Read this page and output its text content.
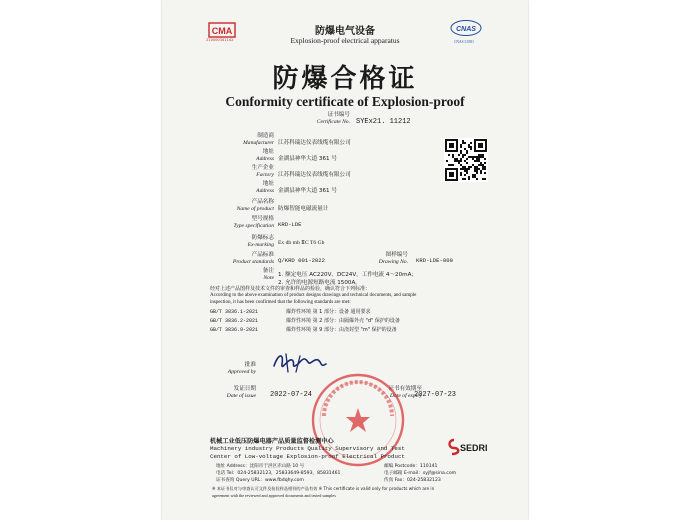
CMA
210000341142
防爆电气设备
Explosion-proof electrical apparatus
CNAS
CNAS L3581
防爆合格证
Conformity certificate of Explosion-proof
证书编号
Certificate No. SYEx21. 11212
制造商
Manufacturer 江苏科瑞达仪表线缆有限公司
地址
Address 金湖县神华大道 361 号
生产企业
Factory 江苏科瑞达仪表线缆有限公司
地址
Address 金湖县神华大道 361 号
产品名称
Name of product 防爆智能电磁流量计
型号规格
Type specification KRD-LDE
防爆标志
Ex-marking Ex db mb ⅡC T6 Gb
产品标准
Product standards Q/KRD 001-2022
图样编号
Drawing No. KRD-LDE-000
备注
Note 1. 额定电压 AC220V、DC24V，工作电流 4～20mA；
2. 允许的电源短路电流 1500A。
经对上述产品图样及技术文件的审查和样品的检验，确认符合下列标准：
According to the above examination of product designs drawings and technical documents, and sample
inspection, it has been confirmed that the following standards are met:
GB/T 3836.1-2021	爆炸性环境 第 1 部分：设备 通用要求
GB/T 3836.2-2021	爆炸性环境 第 2 部分：由隔爆外壳 "d" 保护的设备
GB/T 3836.9-2021	爆炸性环境 第 9 部分：由浇封型 "m" 保护的设备
批准
Approved by
发证日期
Date of issue 2022-07-24
证书有效期至
Date of expiry
2027-07-23
机械工业低压防爆电器产品质量监督检测中心
Machinery industry Products Quality Supervisory and Test
Center of Low-voltage Explosion-proof Electrical Product
SEDRI
地址 Address：沈阳市于洪区赤山路 10 号	邮编 Postcode：110141
电话 Tel：024-25832123，25833649-8593，85831461	电子邮箱 E-mail：syjf@sina.com
证书查询 Query URL：www.fbdqhy.com	传真 Fax：024-25832123
※ 本证书仅对与审查认可文件及检验样品相符的产品有效 ※ This certificate is valid only for products which are in
agreement with the reviewed and approved documents and tested samples
